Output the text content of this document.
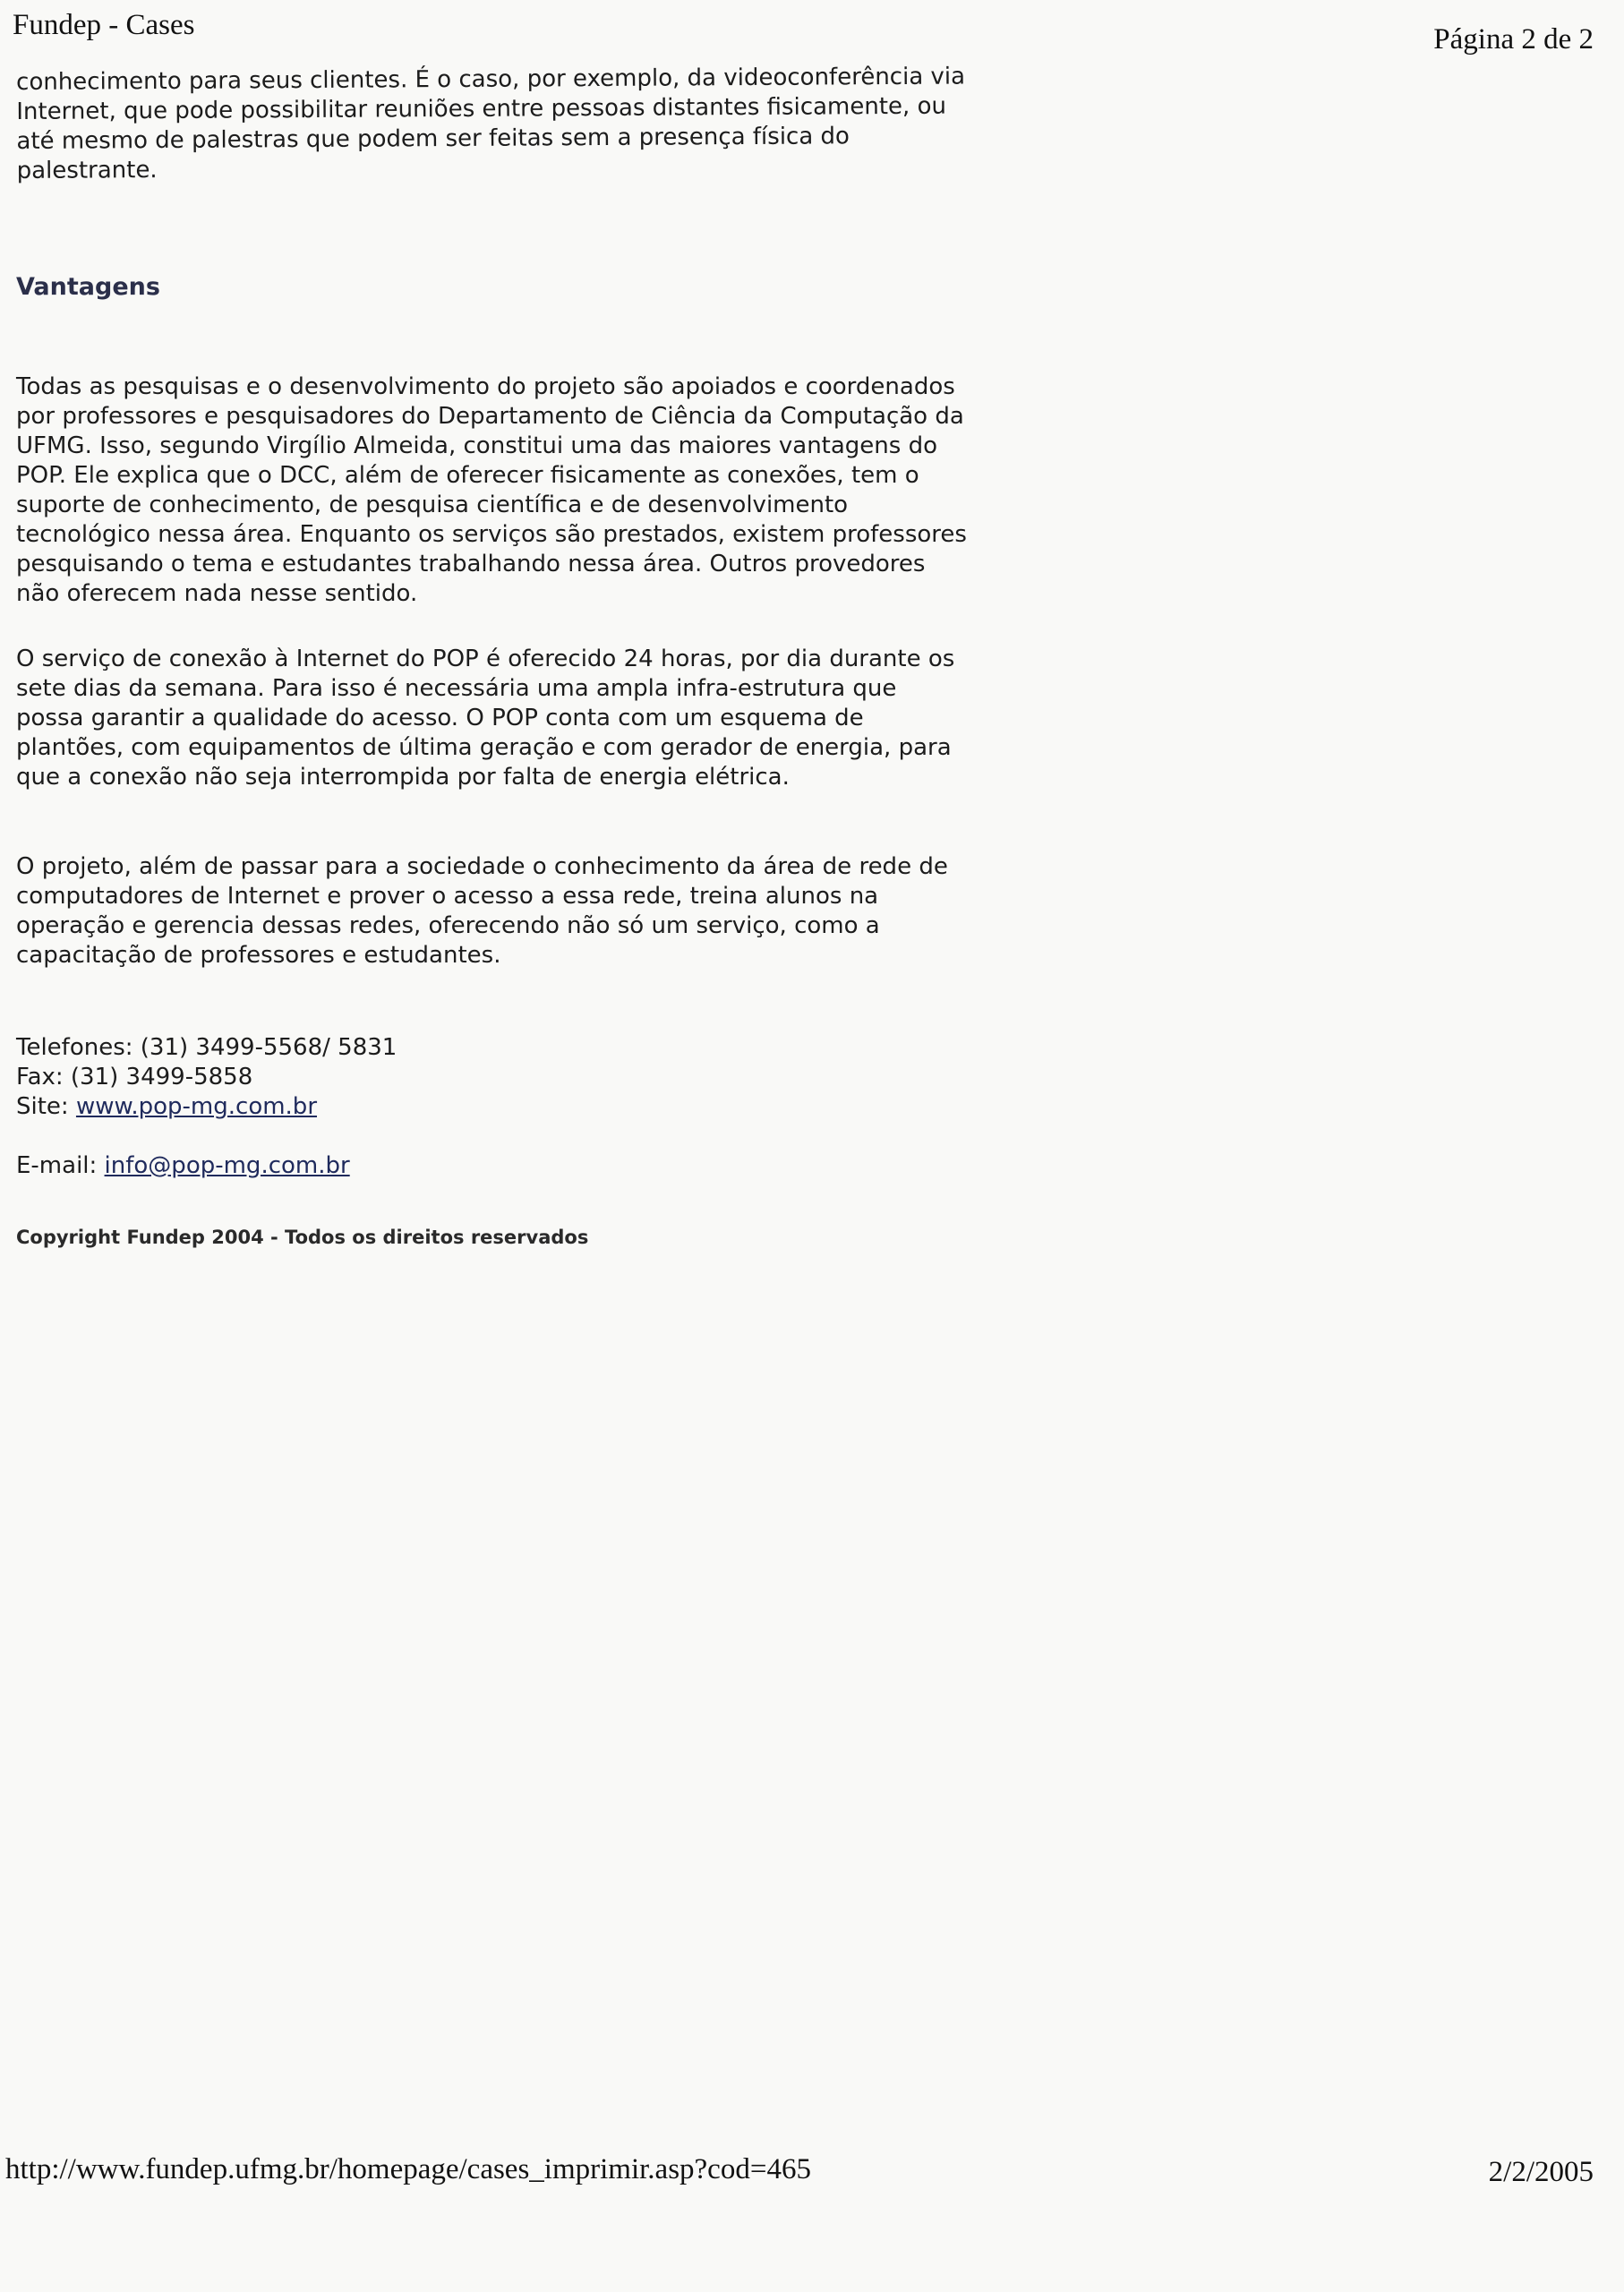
Fundep - Cases	Página 2 de 2

conhecimento para seus clientes. É o caso, por exemplo, da videoconferência via

Internet, que pode possibilitar reuniões entre pessoas distantes fisicamente, ou

até mesmo de palestras que podem ser feitas sem a presença física do

palestrante.

Vantagens

Todas as pesquisas e o desenvolvimento do projeto são apoiados e coordenados

por professores e pesquisadores do Departamento de Ciência da Computação da

UFMG. Isso, segundo Virgílio Almeida, constitui uma das maiores vantagens do

POP. Ele explica que o DCC, além de oferecer fisicamente as conexões, tem o

suporte de conhecimento, de pesquisa científica e de desenvolvimento

tecnológico nessa área. Enquanto os serviços são prestados, existem professores

pesquisando o tema e estudantes trabalhando nessa área. Outros provedores

não oferecem nada nesse sentido.

O serviço de conexão à Internet do POP é oferecido 24 horas, por dia durante os

sete dias da semana. Para isso é necessária uma ampla infra-estrutura que

possa garantir a qualidade do acesso. O POP conta com um esquema de

plantões, com equipamentos de última geração e com gerador de energia, para

que a conexão não seja interrompida por falta de energia elétrica.

O projeto, além de passar para a sociedade o conhecimento da área de rede de

computadores de Internet e prover o acesso a essa rede, treina alunos na

operação e gerencia dessas redes, oferecendo não só um serviço, como a

capacitação de professores e estudantes.

Telefones: (31) 3499-5568/ 5831
Fax: (31) 3499-5858
Site: www.pop-mg.com.br
E-mail: info@pop-mg.com.br
Copyright Fundep 2004 - Todos os direitos reservados
http://www.fundep.ufmg.br/homepage/cases_imprimir.asp?cod=465	2/2/2005
